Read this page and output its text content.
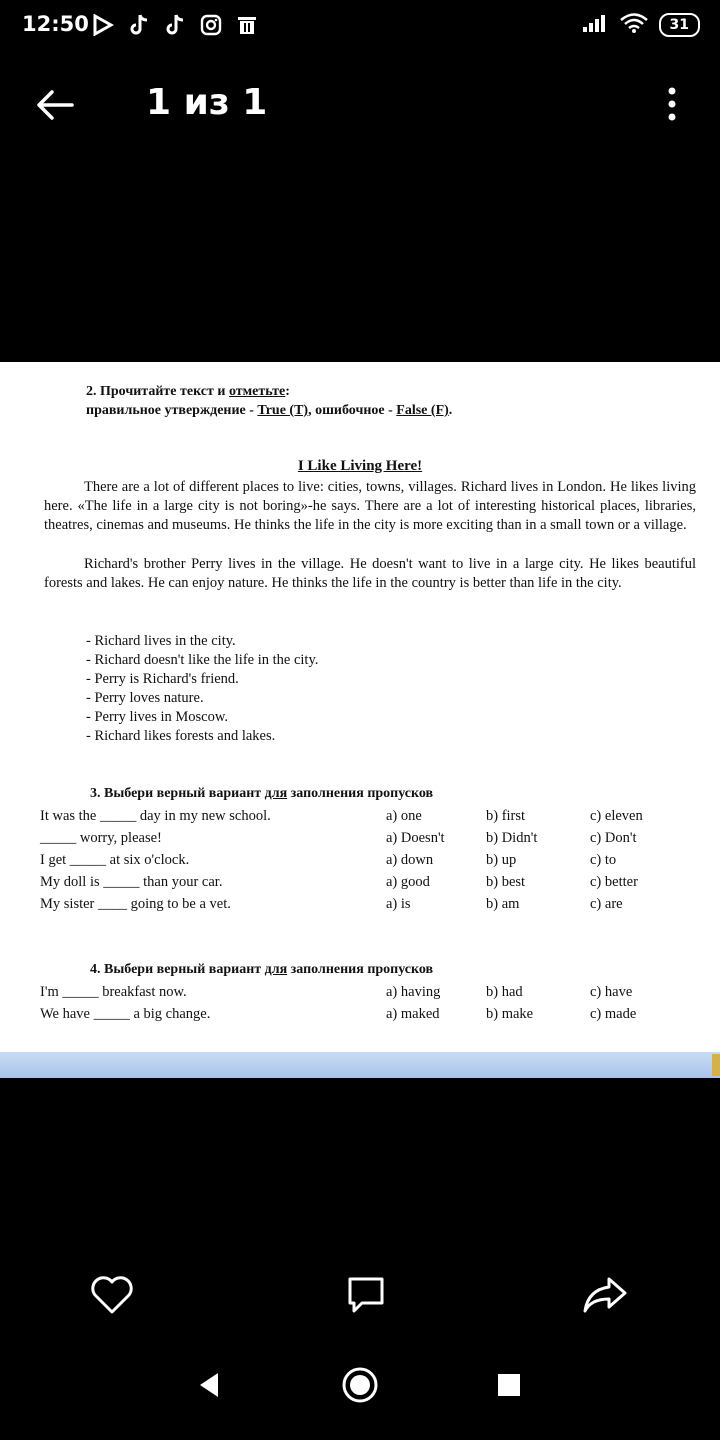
12:50	31
1 из 1
2. Прочитайте текст и отметьте:
правильное утверждение - True (T), ошибочное - False (F).
I Like Living Here!

There are a lot of different places to live: cities, towns, villages. Richard lives in London. He likes living here. «The life in a large city is not boring»-he says. There are a lot of interesting historical places, libraries, theatres, cinemas and museums. He thinks the life in the city is more exciting than in a small town or a village.

Richard's brother Perry lives in the village. He doesn't want to live in a large city. He likes beautiful forests and lakes. He can enjoy nature. He thinks the life in the country is better than life in the city.

- Richard lives in the city.
- Richard doesn't like the life in the city.
- Perry is Richard's friend.
- Perry loves nature.
- Perry lives in Moscow.
- Richard likes forests and lakes.
3. Выбери верный вариант для заполнения пропусков
It was the _____ day in my new school.	a) one	b) first	c) eleven
_____ worry, please!	a) Doesn't	b) Didn't	c) Don't
I get _____ at six o'clock.	a) down	b) up	c) to
My doll is _____ than your car.	a) good	b) best	c) better
My sister ____ going to be a vet.	a) is	b) am	c) are
4. Выбери верный вариант для заполнения пропусков
I'm _____ breakfast now.	a) having	b) had	c) have
We have _____ a big change.	a) maked	b) make	c) made
